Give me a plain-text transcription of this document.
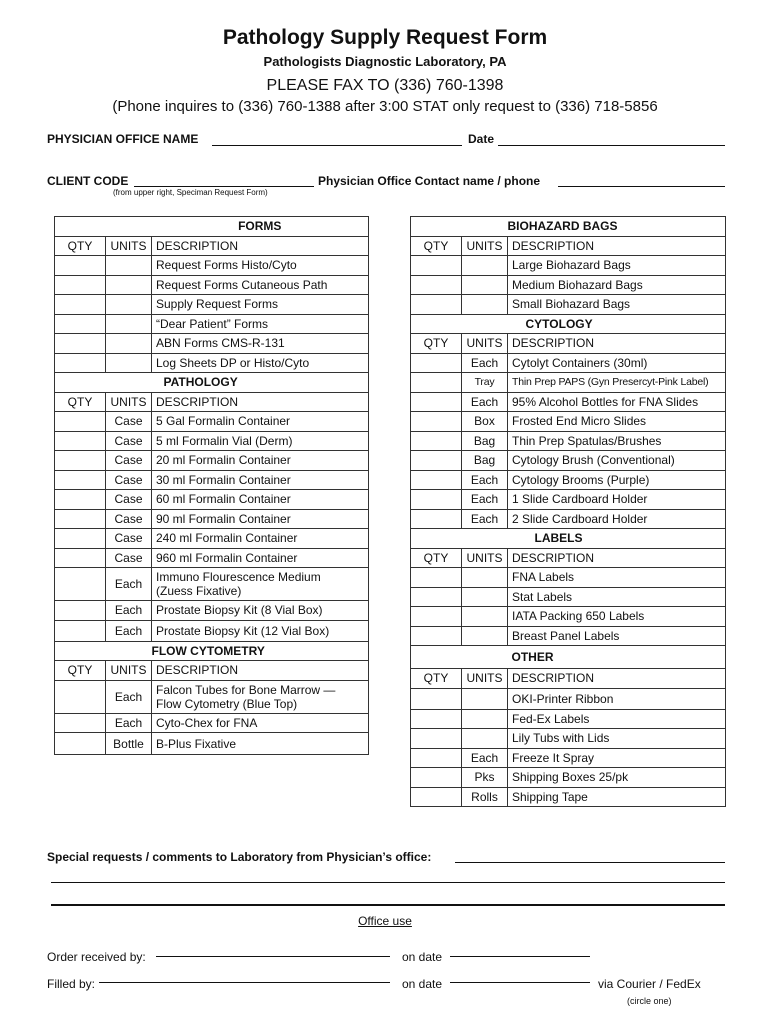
Pathology Supply Request Form
Pathologists Diagnostic Laboratory, PA
PLEASE FAX TO (336) 760-1398
(Phone inquires to (336) 760-1388 after 3:00 STAT only request to (336) 718-5856
PHYSICIAN OFFICE NAME	Date
CLIENT CODE
(from upper right, Speciman Request Form)
Physician Office Contact name / phone
		FORMS
QTY	UNITS	DESCRIPTION
		Request Forms Histo/Cyto
		Request Forms Cutaneous Path
		Supply Request Forms
		“Dear Patient” Forms
		ABN Forms CMS-R-131
		Log Sheets DP or Histo/Cyto
		PATHOLOGY
QTY	UNITS	DESCRIPTION
	Case	5 Gal Formalin Container
	Case	5 ml Formalin Vial (Derm)
	Case	20 ml Formalin Container
	Case	30 ml Formalin Container
	Case	60 ml Formalin Container
	Case	90 ml Formalin Container
	Case	240 ml Formalin Container
	Case	960 ml Formalin Container
	Each	Immuno Flourescence Medium
(Zuess Fixative)

	Each	Prostate Biopsy Kit (8 Vial Box)
	Each	Prostate Biopsy Kit (12 Vial Box)
		FLOW CYTOMETRY
QTY	UNITS	DESCRIPTION
	Each	Falcon Tubes for Bone Marrow —
Flow Cytometry (Blue Top)

	Each	Cyto-Chex for FNA
	Bottle	B-Plus Fixative
		BIOHAZARD BAGS
QTY	UNITS	DESCRIPTION
		Large Biohazard Bags
		Medium Biohazard Bags
		Small Biohazard Bags
		CYTOLOGY
QTY	UNITS	DESCRIPTION
	Each	Cytolyt Containers (30ml)
	Tray	Thin Prep PAPS (Gyn Presercyt-Pink Label)
	Each	95% Alcohol Bottles for FNA Slides
	Box	Frosted End Micro Slides
	Bag	Thin Prep Spatulas/Brushes
	Bag	Cytology Brush (Conventional)
	Each	Cytology Brooms (Purple)
	Each	1 Slide Cardboard Holder
	Each	2 Slide Cardboard Holder
		LABELS
QTY	UNITS	DESCRIPTION
		FNA Labels
		Stat Labels
		IATA Packing 650 Labels
		Breast Panel Labels
		OTHER
QTY	UNITS	DESCRIPTION
		OKI-Printer Ribbon
		Fed-Ex Labels
		Lily Tubs with Lids
	Each	Freeze It Spray
	Pks	Shipping Boxes 25/pk
	Rolls	Shipping Tape
Special requests / comments to Laboratory from Physician’s office:
Office use
Order received by:	on date
Filled by:	on date	via Courier / FedEx
(circle one)
